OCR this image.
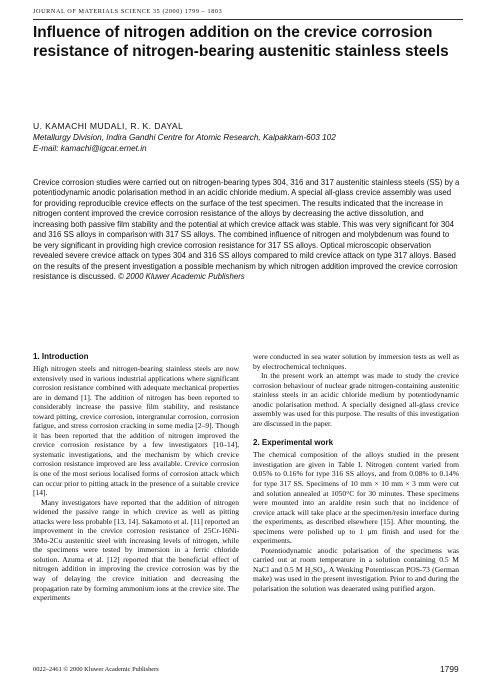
JOURNAL OF MATERIALS SCIENCE 35 (2000) 1799 – 1803
Influence of nitrogen addition on the crevice corrosion resistance of nitrogen-bearing austenitic stainless steels
U. KAMACHI MUDALI, R. K. DAYAL
Metallurgy Division, Indira Gandhi Centre for Atomic Research, Kalpakkam-603 102
E-mail: kamachi@igcar.ernet.in

Crevice corrosion studies were carried out on nitrogen-bearing types 304, 316 and 317 austenitic stainless steels (SS) by a potentiodynamic anodic polarisation method in an acidic chloride medium. A special all-glass crevice assembly was used for providing reproducible crevice effects on the surface of the test specimen. The results indicated that the increase in nitrogen content improved the crevice corrosion resistance of the alloys by decreasing the active dissolution, and increasing both passive film stability and the potential at which crevice attack was stable. This was very significant for 304 and 316 SS alloys in comparison with 317 SS alloys. The combined influence of nitrogen and molybdenum was found to be very significant in providing high crevice corrosion resistance for 317 SS alloys. Optical microscopic observation revealed severe crevice attack on types 304 and 316 SS alloys compared to mild crevice attack on type 317 alloys. Based on the results of the present investigation a possible mechanism by which nitrogen addition improved the crevice corrosion resistance is discussed. © 2000 Kluwer Academic Publishers

1. Introduction

High nitrogen steels and nitrogen-bearing stainless steels are now extensively used in various industrial applications where significant corrosion resistance combined with adequate mechanical properties are in demand [1]. The addition of nitrogen has been reported to considerably increase the passive film stability, and resistance toward pitting, crevice corrosion, intergranular corrosion, corrosion fatigue, and stress corrosion cracking in some media [2–9]. Though it has been reported that the addition of nitrogen improved the crevice corrosion resistance by a few investigators [10–14], systematic investigations, and the mechanism by which crevice corrosion resistance improved are less available. Crevice corrosion is one of the most serious localised forms of corrosion attack which can occur prior to pitting attack in the presence of a suitable crevice [14].

Many investigators have reported that the addition of nitrogen widened the passive range in which crevice as well as pitting attacks were less probable [13, 14]. Sakamoto et al. [11] reported an improvement in the crevice corrosion resistance of 25Cr-16Ni-3Mo-2Cu austenitic steel with increasing levels of nitrogen, while the specimens were tested by immersion in a ferric chloride solution. Azuma et al. [12] reported that the beneficial effect of nitrogen addition in improving the crevice corrosion was by the way of delaying the crevice initiation and decreasing the propagation rate by forming ammonium ions at the crevice site. The experiments

were conducted in sea water solution by immersion tests as well as by electrochemical techniques.

In the present work an attempt was made to study the crevice corrosion behaviour of nuclear grade nitrogen-containing austenitic stainless steels in an acidic chloride medium by potentiodynamic anodic polarisation method. A specially designed all-glass crevice assembly was used for this purpose. The results of this investigation are discussed in the paper.

2. Experimental work

The chemical composition of the alloys studied in the present investigation are given in Table I. Nitrogen content varied from 0.05% to 0.16% for type 316 SS alloys, and from 0.08% to 0.14% for type 317 SS. Specimens of 10 mm × 10 mm × 3 mm were cut and solution annealed at 1050°C for 30 minutes. These specimens were mounted into an araldite resin such that no incidence of crevice attack will take place at the specimen/resin interface during the experiments, as described elsewhere [15]. After mounting, the specimens were polished up to 1 μm finish and used for the experiments.

Potentiodynamic anodic polarisation of the specimens was carried out at room temperature in a solution containing 0.5 M NaCl and 0.5 M H₂SO₄. A Wenking Potentioscan POS-73 (German make) was used in the present investigation. Prior to and during the polarisation the solution was deaerated using purified argon.

0022–2461 © 2000 Kluwer Academic Publishers	1799
